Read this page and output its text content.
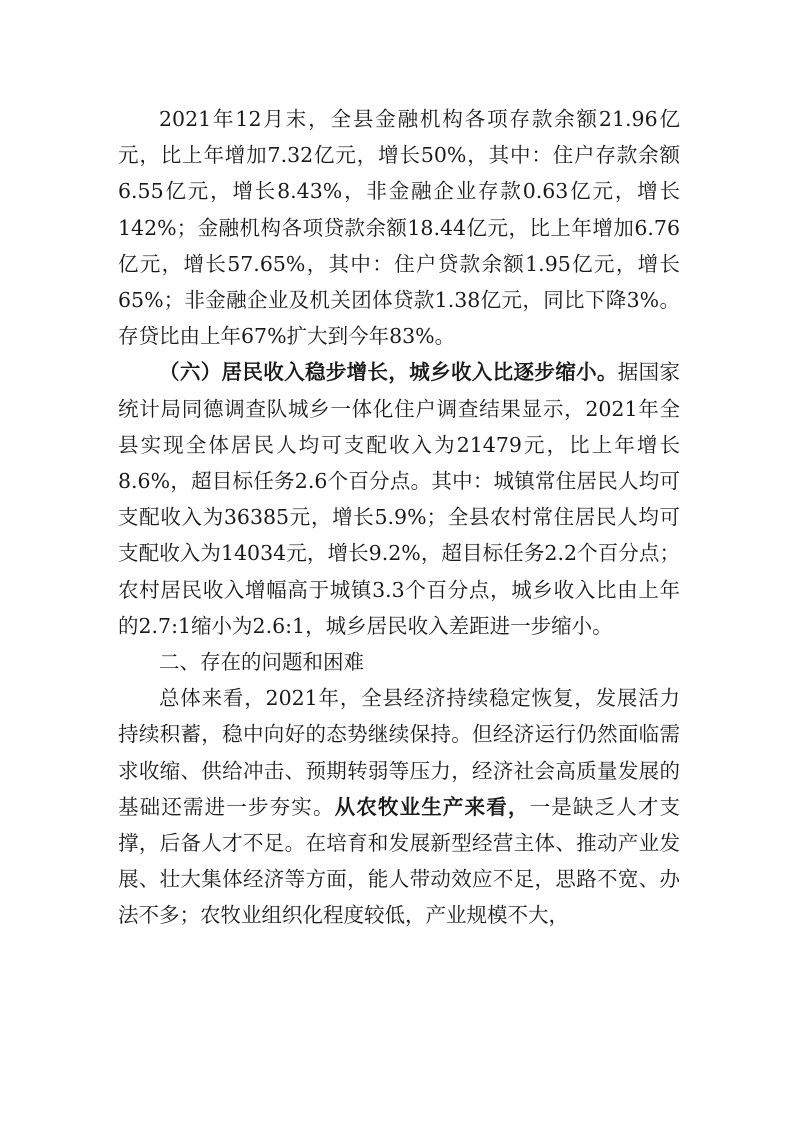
2021年12月末，全县金融机构各项存款余额21.96亿元，比上年增加7.32亿元，增长50%，其中：住户存款余额6.55亿元，增长8.43%，非金融企业存款0.63亿元，增长142%；金融机构各项贷款余额18.44亿元，比上年增加6.76亿元，增长57.65%，其中：住户贷款余额1.95亿元，增长65%；非金融企业及机关团体贷款1.38亿元，同比下降3%。存贷比由上年67%扩大到今年83%。

（六）居民收入稳步增长，城乡收入比逐步缩小。据国家统计局同德调查队城乡一体化住户调查结果显示，2021年全县实现全体居民人均可支配收入为21479元，比上年增长8.6%，超目标任务2.6个百分点。其中：城镇常住居民人均可支配收入为36385元，增长5.9%；全县农村常住居民人均可支配收入为14034元，增长9.2%，超目标任务2.2个百分点；农村居民收入增幅高于城镇3.3个百分点，城乡收入比由上年的2.7:1缩小为2.6:1，城乡居民收入差距进一步缩小。

二、存在的问题和困难

总体来看，2021年，全县经济持续稳定恢复，发展活力持续积蓄，稳中向好的态势继续保持。但经济运行仍然面临需求收缩、供给冲击、预期转弱等压力，经济社会高质量发展的基础还需进一步夯实。从农牧业生产来看，一是缺乏人才支撑，后备人才不足。在培育和发展新型经营主体、推动产业发展、壮大集体经济等方面，能人带动效应不足，思路不宽、办法不多；农牧业组织化程度较低，产业规模不大，
